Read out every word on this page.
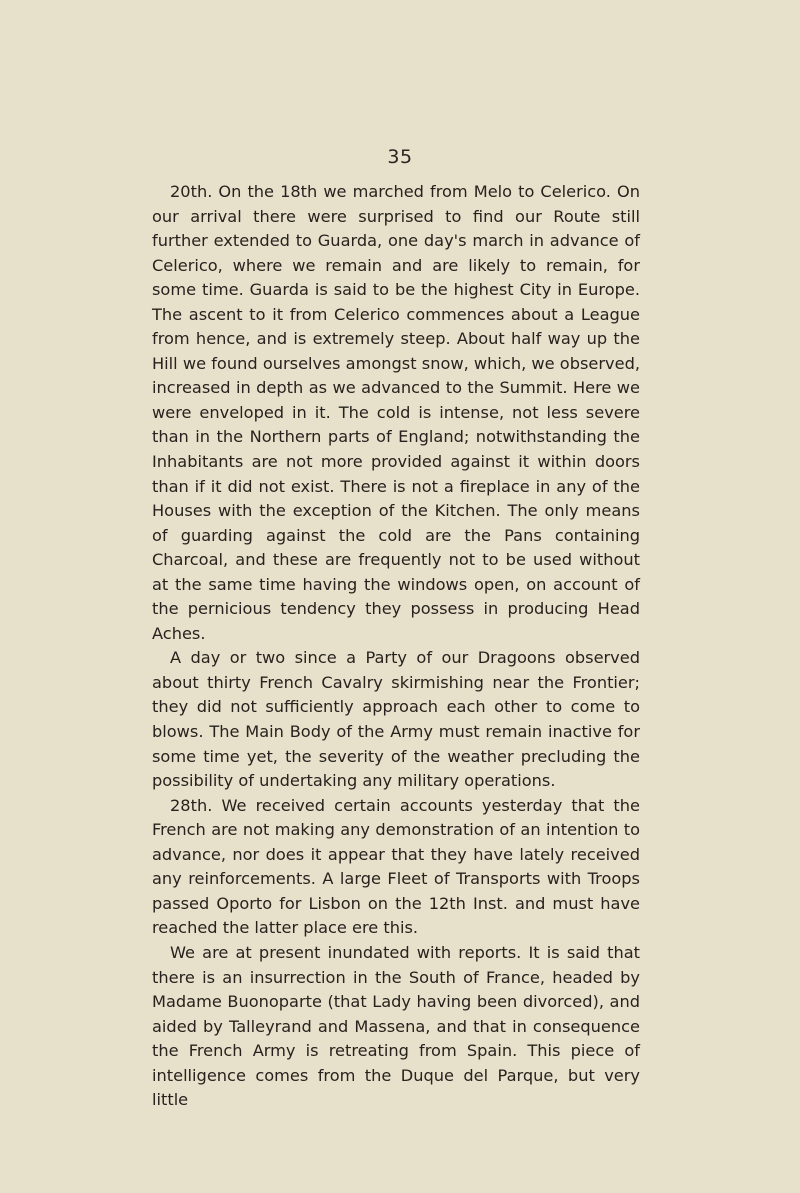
35

20th. On the 18th we marched from Melo to Celerico. On our arrival there were surprised to find our Route still further extended to Guarda, one day's march in advance of Celerico, where we remain and are likely to remain, for some time. Guarda is said to be the highest City in Europe. The ascent to it from Celerico commences about a League from hence, and is extremely steep. About half way up the Hill we found ourselves amongst snow, which, we observed, increased in depth as we advanced to the Summit. Here we were enveloped in it. The cold is intense, not less severe than in the Northern parts of England; notwithstanding the Inhabitants are not more provided against it within doors than if it did not exist. There is not a fireplace in any of the Houses with the exception of the Kitchen. The only means of guarding against the cold are the Pans containing Charcoal, and these are frequently not to be used without at the same time having the windows open, on account of the pernicious tendency they possess in producing Head Aches.

A day or two since a Party of our Dragoons observed about thirty French Cavalry skirmishing near the Frontier; they did not sufficiently approach each other to come to blows. The Main Body of the Army must remain inactive for some time yet, the severity of the weather precluding the possibility of undertaking any military operations.

28th. We received certain accounts yesterday that the French are not making any demonstration of an intention to advance, nor does it appear that they have lately received any reinforcements. A large Fleet of Transports with Troops passed Oporto for Lisbon on the 12th Inst. and must have reached the latter place ere this.

We are at present inundated with reports. It is said that there is an insurrection in the South of France, headed by Madame Buonoparte (that Lady having been divorced), and aided by Talleyrand and Massena, and that in consequence the French Army is retreating from Spain. This piece of intelligence comes from the Duque del Parque, but very little
